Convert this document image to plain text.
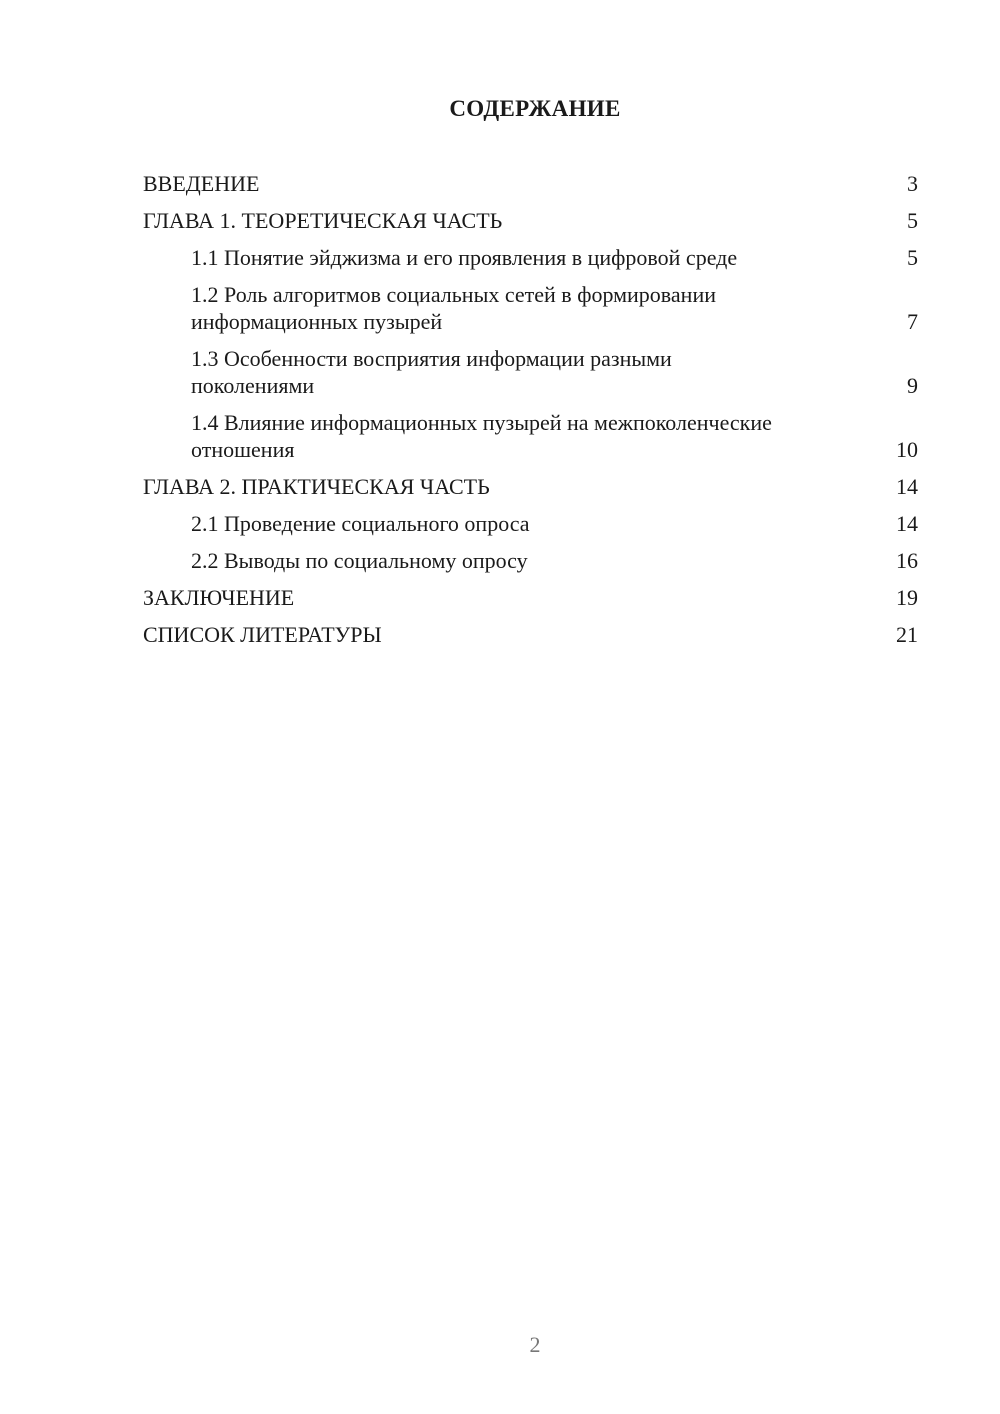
СОДЕРЖАНИЕ
ВВЕДЕНИЕ	3
ГЛАВА 1. ТЕОРЕТИЧЕСКАЯ ЧАСТЬ	5
1.1 Понятие эйджизма и его проявления в цифровой среде	5
1.2 Роль алгоритмов социальных сетей в формировании информационных пузырей	7
1.3 Особенности восприятия информации разными поколениями	9
1.4 Влияние информационных пузырей на межпоколенческие отношения	10
ГЛАВА 2. ПРАКТИЧЕСКАЯ ЧАСТЬ	14
2.1 Проведение социального опроса	14
2.2 Выводы по социальному опросу	16
ЗАКЛЮЧЕНИЕ	19
СПИСОК ЛИТЕРАТУРЫ	21
2
